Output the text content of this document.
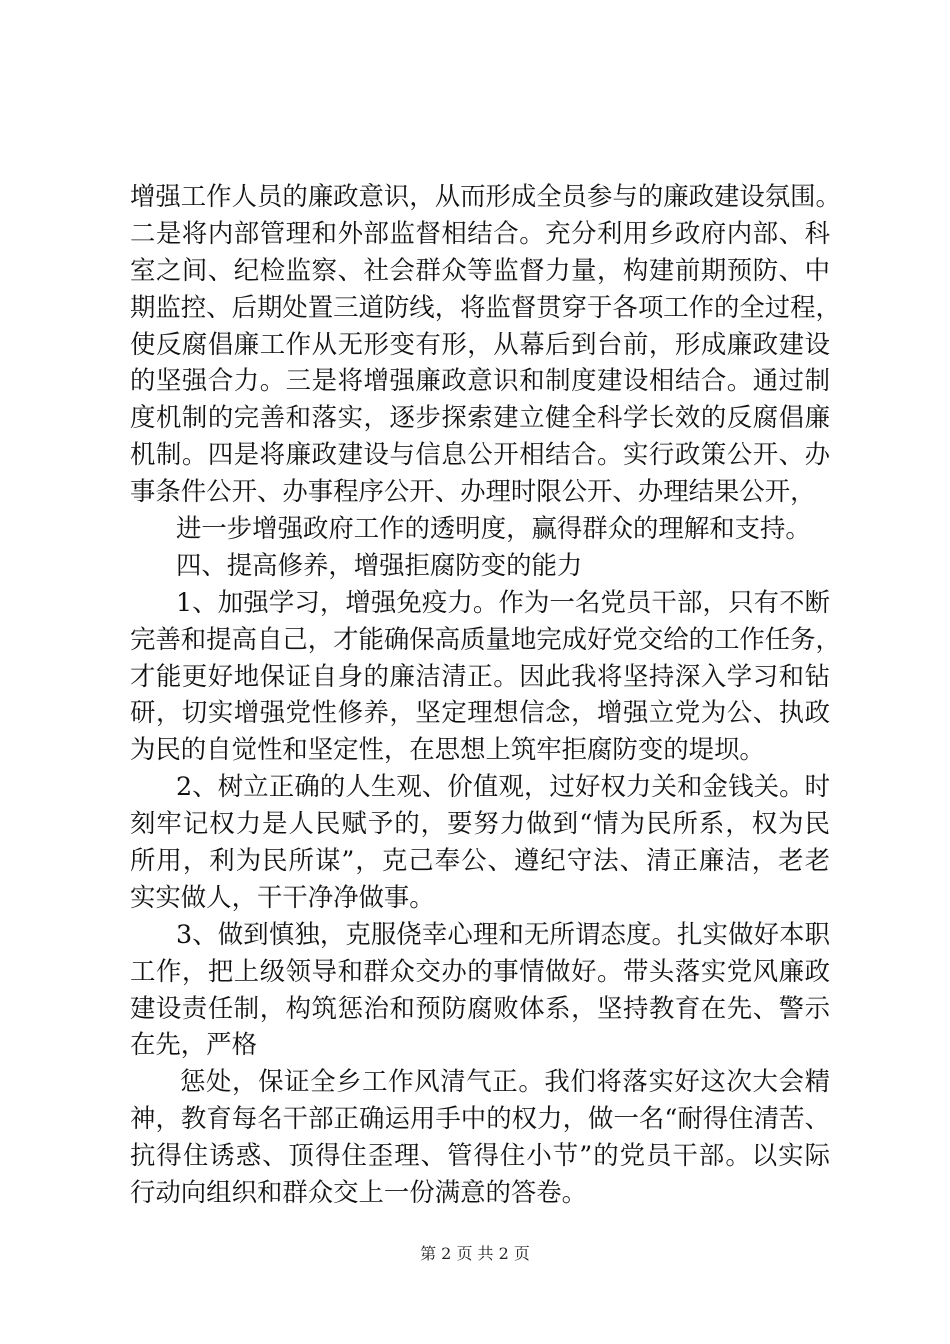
增强工作人员的廉政意识，从而形成全员参与的廉政建设氛围。
二是将内部管理和外部监督相结合。充分利用乡政府内部、科
室之间、纪检监察、社会群众等监督力量，构建前期预防、中
期监控、后期处置三道防线，将监督贯穿于各项工作的全过程，
使反腐倡廉工作从无形变有形，从幕后到台前，形成廉政建设
的坚强合力。三是将增强廉政意识和制度建设相结合。通过制
度机制的完善和落实，逐步探索建立健全科学长效的反腐倡廉
机制。四是将廉政建设与信息公开相结合。实行政策公开、办
事条件公开、办事程序公开、办理时限公开、办理结果公开，
进一步增强政府工作的透明度，赢得群众的理解和支持。
四、提高修养，增强拒腐防变的能力
1、加强学习，增强免疫力。作为一名党员干部，只有不断
完善和提高自己，才能确保高质量地完成好党交给的工作任务，
才能更好地保证自身的廉洁清正。因此我将坚持深入学习和钻
研，切实增强党性修养，坚定理想信念，增强立党为公、执政
为民的自觉性和坚定性，在思想上筑牢拒腐防变的堤坝。
2、树立正确的人生观、价值观，过好权力关和金钱关。时
刻牢记权力是人民赋予的，要努力做到“情为民所系，权为民
所用，利为民所谋”，克己奉公、遵纪守法、清正廉洁，老老
实实做人，干干净净做事。
3、做到慎独，克服侥幸心理和无所谓态度。扎实做好本职
工作，把上级领导和群众交办的事情做好。带头落实党风廉政
建设责任制，构筑惩治和预防腐败体系，坚持教育在先、警示
在先，严格
惩处，保证全乡工作风清气正。我们将落实好这次大会精
神，教育每名干部正确运用手中的权力，做一名“耐得住清苦、
抗得住诱惑、顶得住歪理、管得住小节”的党员干部。以实际
行动向组织和群众交上一份满意的答卷。
第 2 页 共 2 页
